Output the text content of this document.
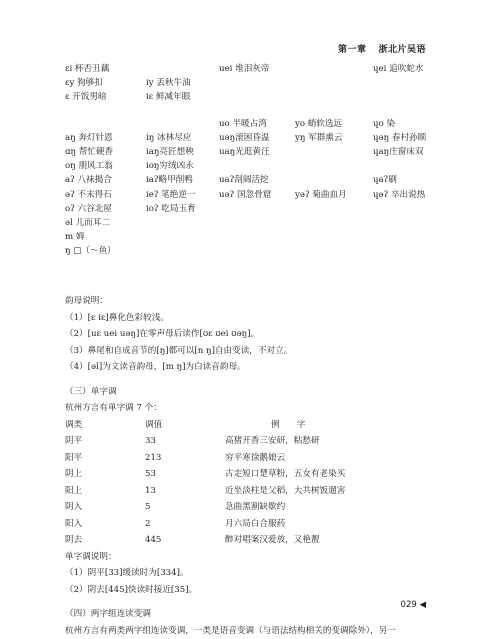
第一章 浙北片吴语
ɛi 杯否丑藕	uei 堆泪灰帝	ɥei 追吹蛇水
ɛy 狗够扣	iy 丢秋牛油
ɛ 开饭男暗	iɛ 鲜减年眼
uo 半暖占湾	yo 蛸软选远	ɥo 染
aŋ 奔灯针恩	iŋ 冰林尽应	uəŋ滚困昏温	yŋ 军群熏云	ɥəŋ 春村孙顺
ɑŋ 帮忙硬香	iaŋ亮匠想秧	uaŋ光逛黄汪	ɥaŋ庄窗床双
oŋ 朋风工翁	ioŋ穷绒凶永
aʔ 八袜揭合	iaʔ略甲削鸭	uaʔ刮阔活挖	ɥaʔ刷
əʔ 不末得石	ieʔ 笔绝逆一	uəʔ 国忽骨窟	yəʔ 菊曲血月	ɥəʔ 卒出说热
oʔ 六谷北屋	ioʔ 吃局玉育
əl 儿而耳二
m 姆
ŋ □（～鱼）

韵母说明：

（1）[ɛ iɛ]鼻化色彩较浅。

（2）[uɛ uei uəŋ]在零声母后读作[ʊɛ ʊei ʊəŋ]。

（3）鼻尾和自成音节的[ŋ]都可以[n ŋ]自由变读，不对立。

（4）[əl]为文读音韵母，[m ŋ]为白读音韵母。

（三）单字调

杭州方言有单字调 7 个：

调类	调值	例　　字
阴平	33	高猪开香三安研，粘愁研
阳平	213	穷平寒徐鹅娘云
阴上	53	古走短口楚草粉，五女有老染买
阳上	13	近坐淡柱是父稻，大共树饭遛害
阴入	5	急曲黑割缺歇约
阳入	2	月六局白合服药
阴去	445	醉对唱案汉爱放，又艳靓

单字调说明：

（1）阴平[33]缓读时为[334]。

（2）阴去[445]快读时接近[35]。

（四）两字组连读变调

杭州方言有两类两字组连读变调，一类是语音变调（与语法结构相关的变调除外），另一

029 ◀
